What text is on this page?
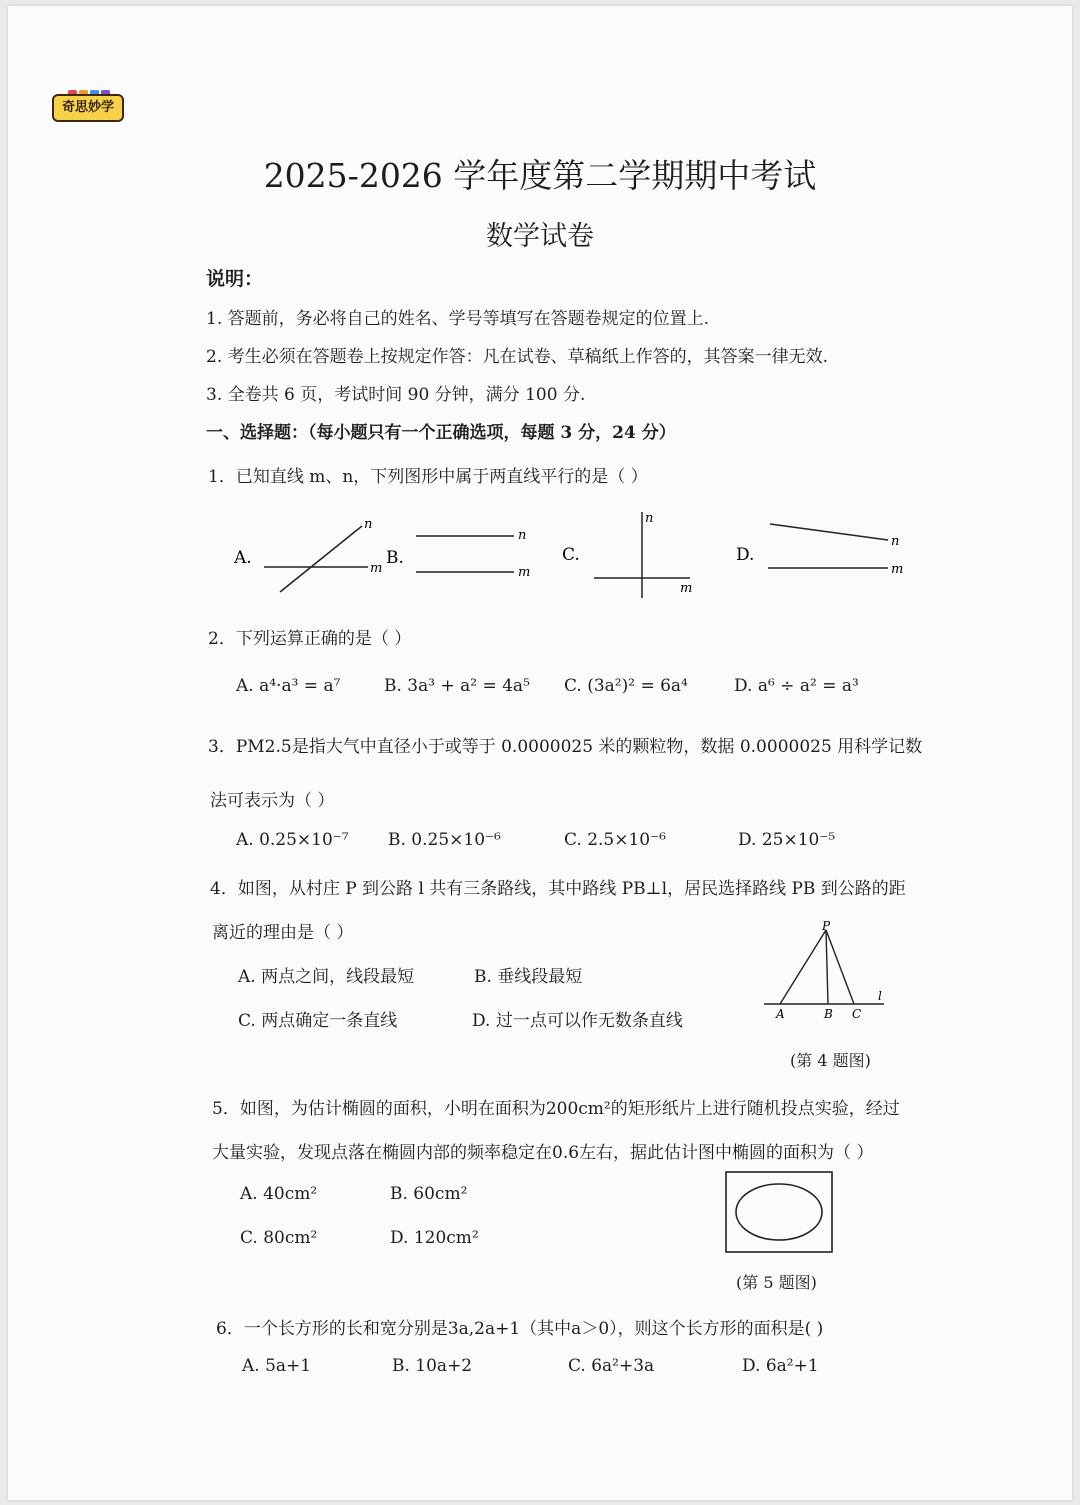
奇思妙学
2025-2026 学年度第二学期期中考试
数学试卷
说明：
1. 答题前，务必将自己的姓名、学号等填写在答题卷规定的位置上.
2. 考生必须在答题卷上按规定作答：凡在试卷、草稿纸上作答的，其答案一律无效.
3. 全卷共 6 页，考试时间 90 分钟，满分 100 分.
一、选择题：（每小题只有一个正确选项，每题 3 分，24 分）
1．已知直线 m、n，下列图形中属于两直线平行的是（ ）
A.
n
m
B.
n
m
C.
n
m
D.
n
m
2．下列运算正确的是（ ）
A. a⁴·a³ = a⁷	B. 3a³ + a² = 4a⁵ C. (3a²)² = 6a⁴	D. a⁶ ÷ a² = a³
3．PM2.5是指大气中直径小于或等于 0.0000025 米的颗粒物，数据 0.0000025 用科学记数
法可表示为（ ）
A. 0.25×10⁻⁷ B. 0.25×10⁻⁶	C. 2.5×10⁻⁶	D. 25×10⁻⁵
4．如图，从村庄 P 到公路 l 共有三条路线，其中路线 PB⊥l，居民选择路线 PB 到公路的距
离近的理由是（ ）
A. 两点之间，线段最短	B. 垂线段最短
C. 两点确定一条直线	D. 过一点可以作无数条直线
P
A	B C
l
(第 4 题图)
5．如图，为估计椭圆的面积，小明在面积为200cm²的矩形纸片上进行随机投点实验，经过
大量实验，发现点落在椭圆内部的频率稳定在0.6左右，据此估计图中椭圆的面积为（ ）
A. 40cm²	B. 60cm²
C. 80cm²	D. 120cm²
(第 5 题图)
6．一个长方形的长和宽分别是3a,2a+1（其中a＞0），则这个长方形的面积是( )
A. 5a+1	B. 10a+2	C. 6a²+3a	D. 6a²+1
